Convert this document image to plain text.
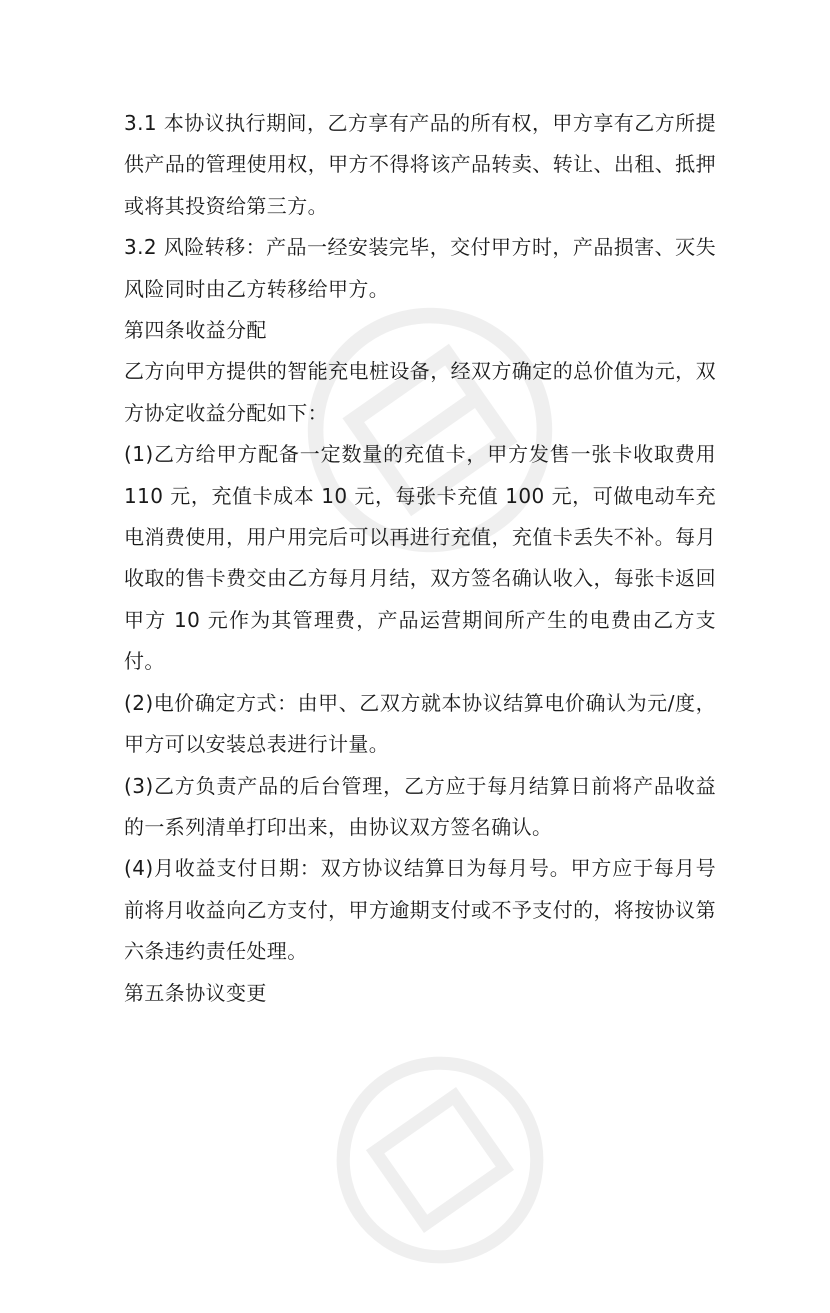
3.1 本协议执行期间，乙方享有产品的所有权，甲方享有乙方所提供产品的管理使用权，甲方不得将该产品转卖、转让、出租、抵押或将其投资给第三方。

3.2 风险转移：产品一经安装完毕，交付甲方时，产品损害、灭失风险同时由乙方转移给甲方。

第四条收益分配

乙方向甲方提供的智能充电桩设备，经双方确定的总价值为元，双方协定收益分配如下：

(1)乙方给甲方配备一定数量的充值卡，甲方发售一张卡收取费用 110 元，充值卡成本 10 元，每张卡充值 100 元，可做电动车充电消费使用，用户用完后可以再进行充值，充值卡丢失不补。每月收取的售卡费交由乙方每月月结，双方签名确认收入，每张卡返回甲方 10 元作为其管理费，产品运营期间所产生的电费由乙方支付。

(2)电价确定方式：由甲、乙双方就本协议结算电价确认为元/度，甲方可以安装总表进行计量。

(3)乙方负责产品的后台管理，乙方应于每月结算日前将产品收益的一系列清单打印出来，由协议双方签名确认。

(4)月收益支付日期：双方协议结算日为每月号。甲方应于每月号前将月收益向乙方支付，甲方逾期支付或不予支付的，将按协议第六条违约责任处理。

第五条协议变更
